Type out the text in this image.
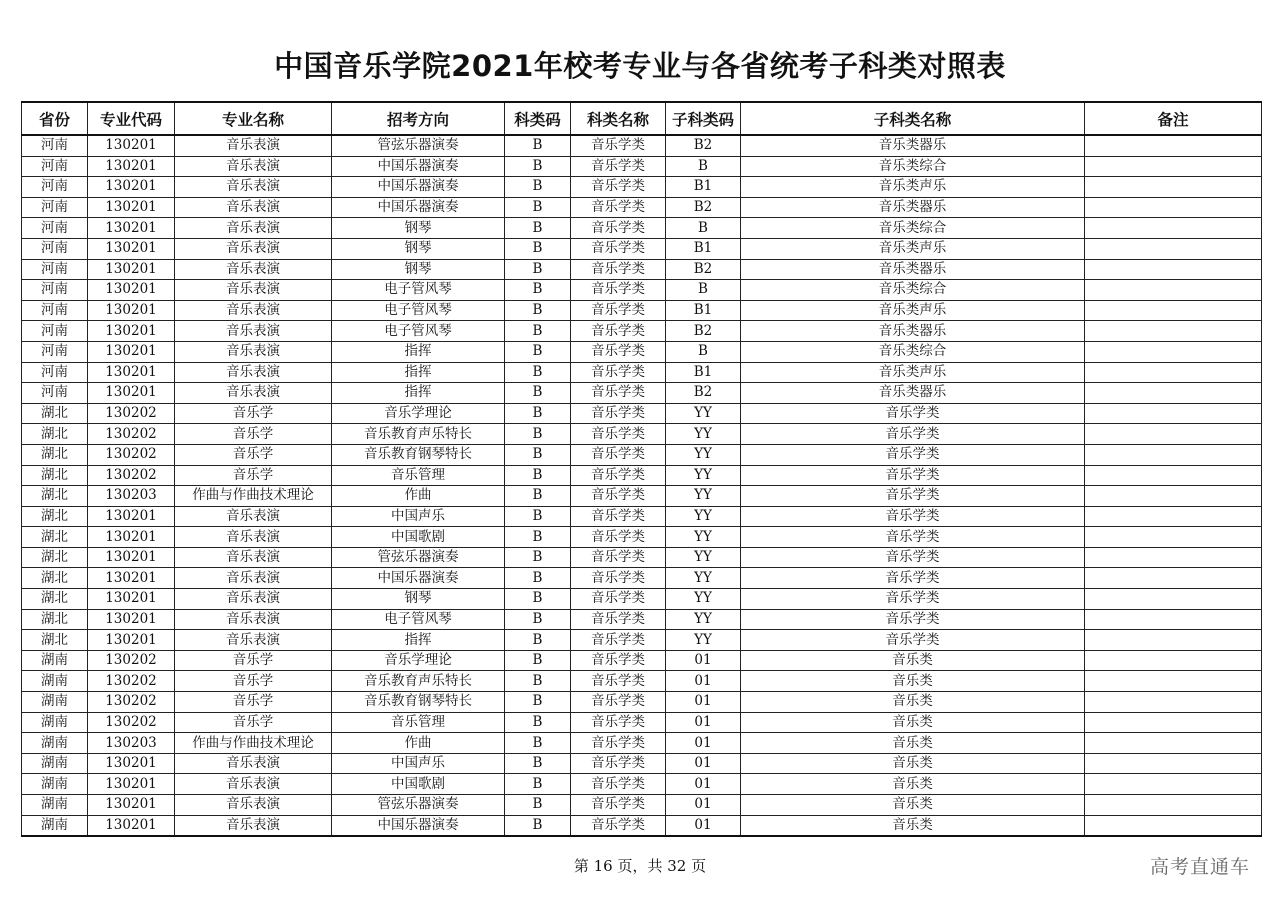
中国音乐学院2021年校考专业与各省统考子科类对照表
省份	专业代码	专业名称	招考方向	科类码	科类名称	子科类码	子科类名称	备注
河南	130201	音乐表演	管弦乐器演奏	B	音乐学类	B2	音乐类器乐	
河南	130201	音乐表演	中国乐器演奏	B	音乐学类	B	音乐类综合	
河南	130201	音乐表演	中国乐器演奏	B	音乐学类	B1	音乐类声乐	
河南	130201	音乐表演	中国乐器演奏	B	音乐学类	B2	音乐类器乐	
河南	130201	音乐表演	钢琴	B	音乐学类	B	音乐类综合	
河南	130201	音乐表演	钢琴	B	音乐学类	B1	音乐类声乐	
河南	130201	音乐表演	钢琴	B	音乐学类	B2	音乐类器乐	
河南	130201	音乐表演	电子管风琴	B	音乐学类	B	音乐类综合	
河南	130201	音乐表演	电子管风琴	B	音乐学类	B1	音乐类声乐	
河南	130201	音乐表演	电子管风琴	B	音乐学类	B2	音乐类器乐	
河南	130201	音乐表演	指挥	B	音乐学类	B	音乐类综合	
河南	130201	音乐表演	指挥	B	音乐学类	B1	音乐类声乐	
河南	130201	音乐表演	指挥	B	音乐学类	B2	音乐类器乐	
湖北	130202	音乐学	音乐学理论	B	音乐学类	YY	音乐学类	
湖北	130202	音乐学	音乐教育声乐特长	B	音乐学类	YY	音乐学类	
湖北	130202	音乐学	音乐教育钢琴特长	B	音乐学类	YY	音乐学类	
湖北	130202	音乐学	音乐管理	B	音乐学类	YY	音乐学类	
湖北	130203	作曲与作曲技术理论	作曲	B	音乐学类	YY	音乐学类	
湖北	130201	音乐表演	中国声乐	B	音乐学类	YY	音乐学类	
湖北	130201	音乐表演	中国歌剧	B	音乐学类	YY	音乐学类	
湖北	130201	音乐表演	管弦乐器演奏	B	音乐学类	YY	音乐学类	
湖北	130201	音乐表演	中国乐器演奏	B	音乐学类	YY	音乐学类	
湖北	130201	音乐表演	钢琴	B	音乐学类	YY	音乐学类	
湖北	130201	音乐表演	电子管风琴	B	音乐学类	YY	音乐学类	
湖北	130201	音乐表演	指挥	B	音乐学类	YY	音乐学类	
湖南	130202	音乐学	音乐学理论	B	音乐学类	01	音乐类	
湖南	130202	音乐学	音乐教育声乐特长	B	音乐学类	01	音乐类	
湖南	130202	音乐学	音乐教育钢琴特长	B	音乐学类	01	音乐类	
湖南	130202	音乐学	音乐管理	B	音乐学类	01	音乐类	
湖南	130203	作曲与作曲技术理论	作曲	B	音乐学类	01	音乐类	
湖南	130201	音乐表演	中国声乐	B	音乐学类	01	音乐类	
湖南	130201	音乐表演	中国歌剧	B	音乐学类	01	音乐类	
湖南	130201	音乐表演	管弦乐器演奏	B	音乐学类	01	音乐类	
湖南	130201	音乐表演	中国乐器演奏	B	音乐学类	01	音乐类	
第 16 页，共 32 页	高考直通车
